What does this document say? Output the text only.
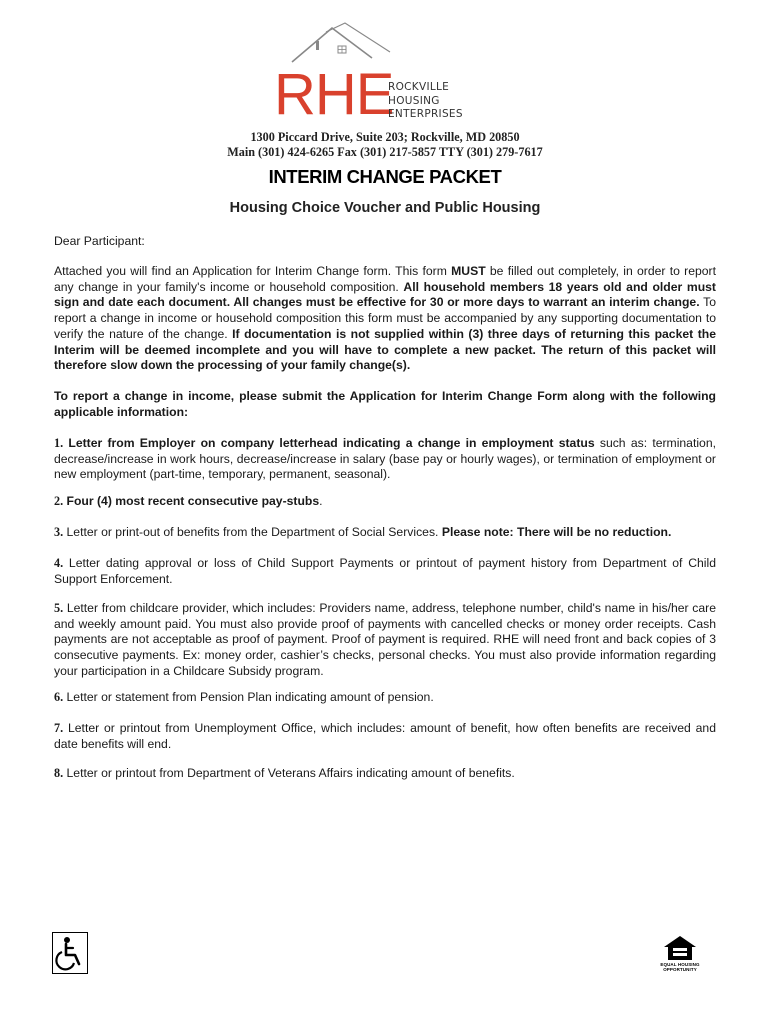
RHE
ROCKVILLE
HOUSING
ENTERPRISES
1300 Piccard Drive, Suite 203; Rockville, MD 20850
Main (301) 424-6265 Fax (301) 217-5857 TTY (301) 279-7617
INTERIM CHANGE PACKET
Housing Choice Voucher and Public Housing
Dear Participant:
Attached you will find an Application for Interim Change form. This form MUST be filled out completely, in order to report any change in your family's income or household composition. All household members 18 years old and older must sign and date each document. All changes must be effective for 30 or more days to warrant an interim change. To report a change in income or household composition this form must be accompanied by any supporting documentation to verify the nature of the change. If documentation is not supplied within (3) three days of returning this packet the Interim will be deemed incomplete and you will have to complete a new packet. The return of this packet will therefore slow down the processing of your family change(s).
To report a change in income, please submit the Application for Interim Change Form along with the following applicable information:
1. Letter from Employer on company letterhead indicating a change in employment status such as: termination, decrease/increase in work hours, decrease/increase in salary (base pay or hourly wages), or termination of employment or new employment (part-time, temporary, permanent, seasonal).
2. Four (4) most recent consecutive pay-stubs.
3. Letter or print-out of benefits from the Department of Social Services. Please note: There will be no reduction.
4. Letter dating approval or loss of Child Support Payments or printout of payment history from Department of Child Support Enforcement.
5. Letter from childcare provider, which includes: Providers name, address, telephone number, child's name in his/her care and weekly amount paid. You must also provide proof of payments with cancelled checks or money order receipts. Cash payments are not acceptable as proof of payment. Proof of payment is required. RHE will need front and back copies of 3 consecutive payments. Ex: money order, cashier’s checks, personal checks. You must also provide information regarding your participation in a Childcare Subsidy program.
6. Letter or statement from Pension Plan indicating amount of pension.
7. Letter or printout from Unemployment Office, which includes: amount of benefit, how often benefits are received and date benefits will end.
8. Letter or printout from Department of Veterans Affairs indicating amount of benefits.
EQUAL HOUSING OPPORTUNITY
